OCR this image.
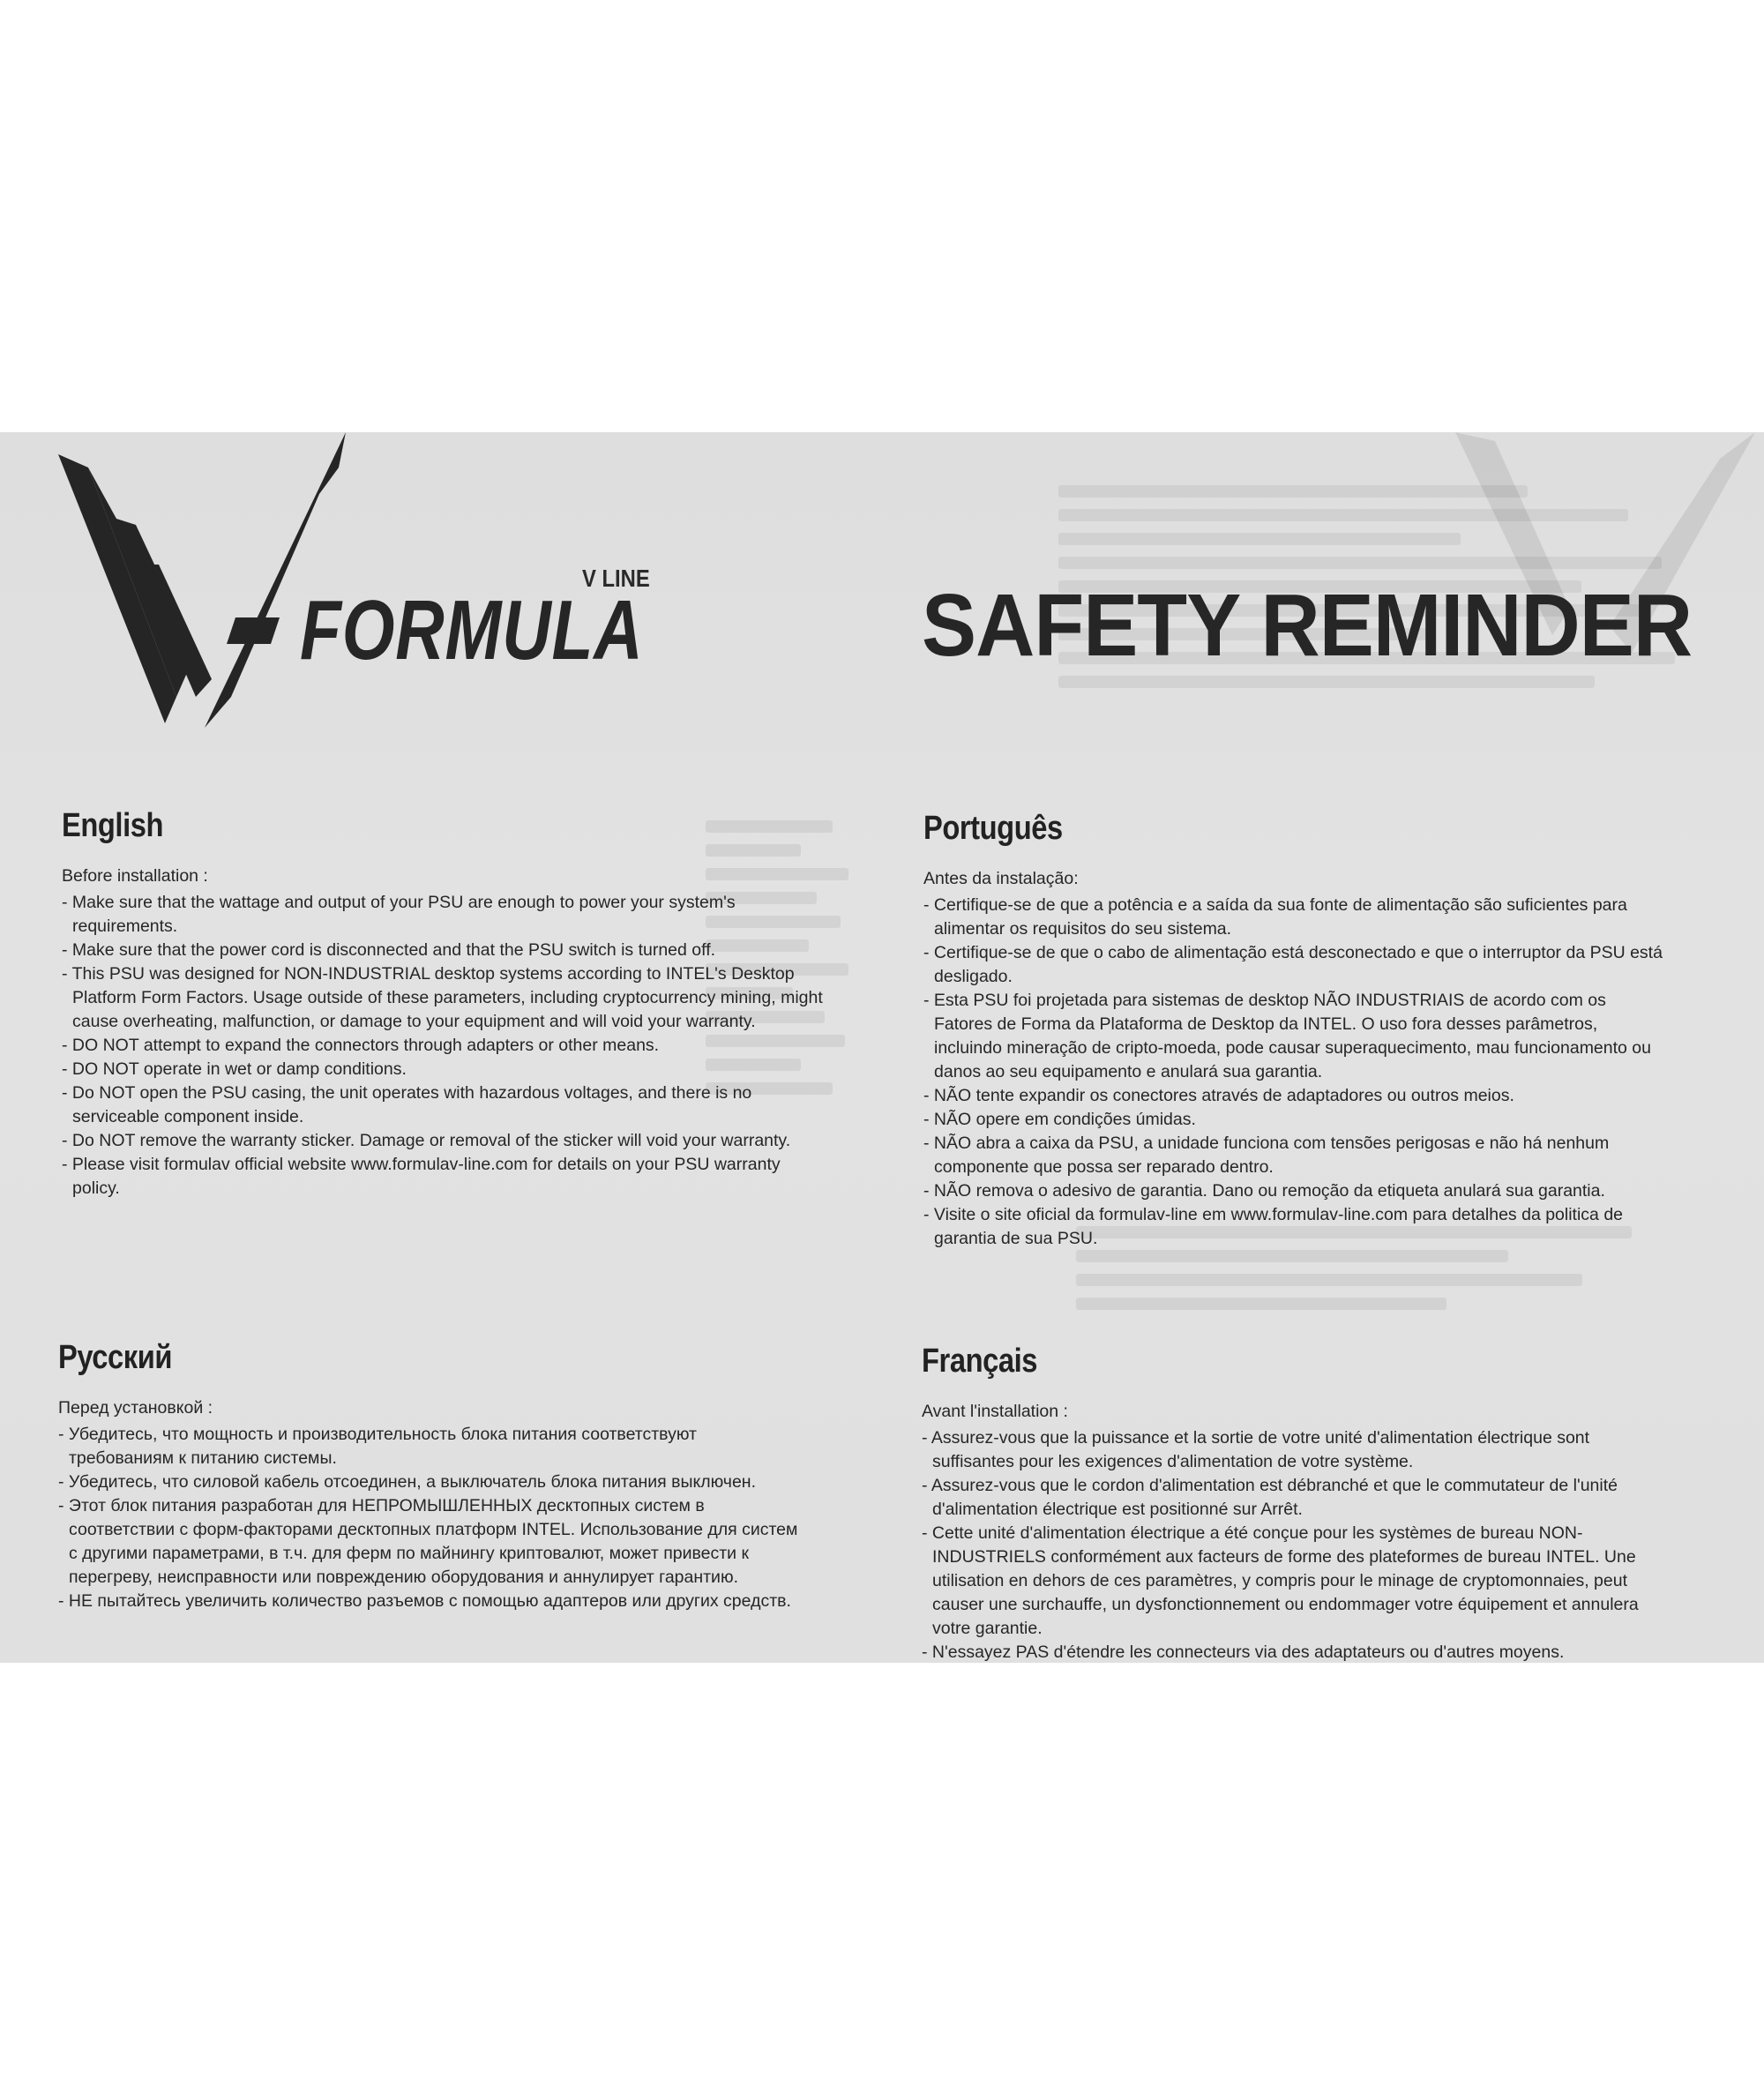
V LINE
FORMULA	SAFETY REMINDER
English
Before installation :
- Make sure that the wattage and output of your PSU are enough to power your system's requirements.
- Make sure that the power cord is disconnected and that the PSU switch is turned off.
- This PSU was designed for NON-INDUSTRIAL desktop systems according to INTEL's Desktop Platform Form Factors. Usage outside of these parameters, including cryptocurrency mining, might cause overheating, malfunction, or damage to your equipment and will void your warranty.
- DO NOT attempt to expand the connectors through adapters or other means.
- DO NOT operate in wet or damp conditions.
- Do NOT open the PSU casing, the unit operates with hazardous voltages, and there is no serviceable component inside.
- Do NOT remove the warranty sticker. Damage or removal of the sticker will void your warranty.
- Please visit formulav official website www.formulav-line.com for details on your PSU warranty policy.
Português
Antes da instalação:
- Certifique-se de que a potência e a saída da sua fonte de alimentação são suficientes para alimentar os requisitos do seu sistema.
- Certifique-se de que o cabo de alimentação está desconectado e que o interruptor da PSU está desligado.
- Esta PSU foi projetada para sistemas de desktop NÃO INDUSTRIAIS de acordo com os Fatores de Forma da Plataforma de Desktop da INTEL. O uso fora desses parâmetros, incluindo mineração de cripto-moeda, pode causar superaquecimento, mau funcionamento ou danos ao seu equipamento e anulará sua garantia.
- NÃO tente expandir os conectores através de adaptadores ou outros meios.
- NÃO opere em condições úmidas.
- NÃO abra a caixa da PSU, a unidade funciona com tensões perigosas e não há nenhum componente que possa ser reparado dentro.
- NÃO remova o adesivo de garantia. Dano ou remoção da etiqueta anulará sua garantia.
- Visite o site oficial da formulav-line em www.formulav-line.com para detalhes da politica de garantia de sua PSU.
Русский
Перед установкой :
- Убедитесь, что мощность и производительность блока питания соответствуют требованиям к питанию системы.
- Убедитесь, что силовой кабель отсоединен, а выключатель блока питания выключен.
- Этот блок питания разработан для НЕПРОМЫШЛЕННЫХ десктопных систем в соответствии с форм-факторами десктопных платформ INTEL. Использование для систем с другими параметрами, в т.ч. для ферм по майнингу криптовалют, может привести к перегреву, неисправности или повреждению оборудования и аннулирует гарантию.
- НЕ пытайтесь увеличить количество разъемов с помощью адаптеров или других средств.
Français
Avant l'installation :
- Assurez-vous que la puissance et la sortie de votre unité d'alimentation électrique sont suffisantes pour les exigences d'alimentation de votre système.
- Assurez-vous que le cordon d'alimentation est débranché et que le commutateur de l'unité d'alimentation électrique est positionné sur Arrêt.
- Cette unité d'alimentation électrique a été conçue pour les systèmes de bureau NON-INDUSTRIELS conformément aux facteurs de forme des plateformes de bureau INTEL. Une utilisation en dehors de ces paramètres, y compris pour le minage de cryptomonnaies, peut causer une surchauffe, un dysfonctionnement ou endommager votre équipement et annulera votre garantie.
- N'essayez PAS d'étendre les connecteurs via des adaptateurs ou d'autres moyens.
